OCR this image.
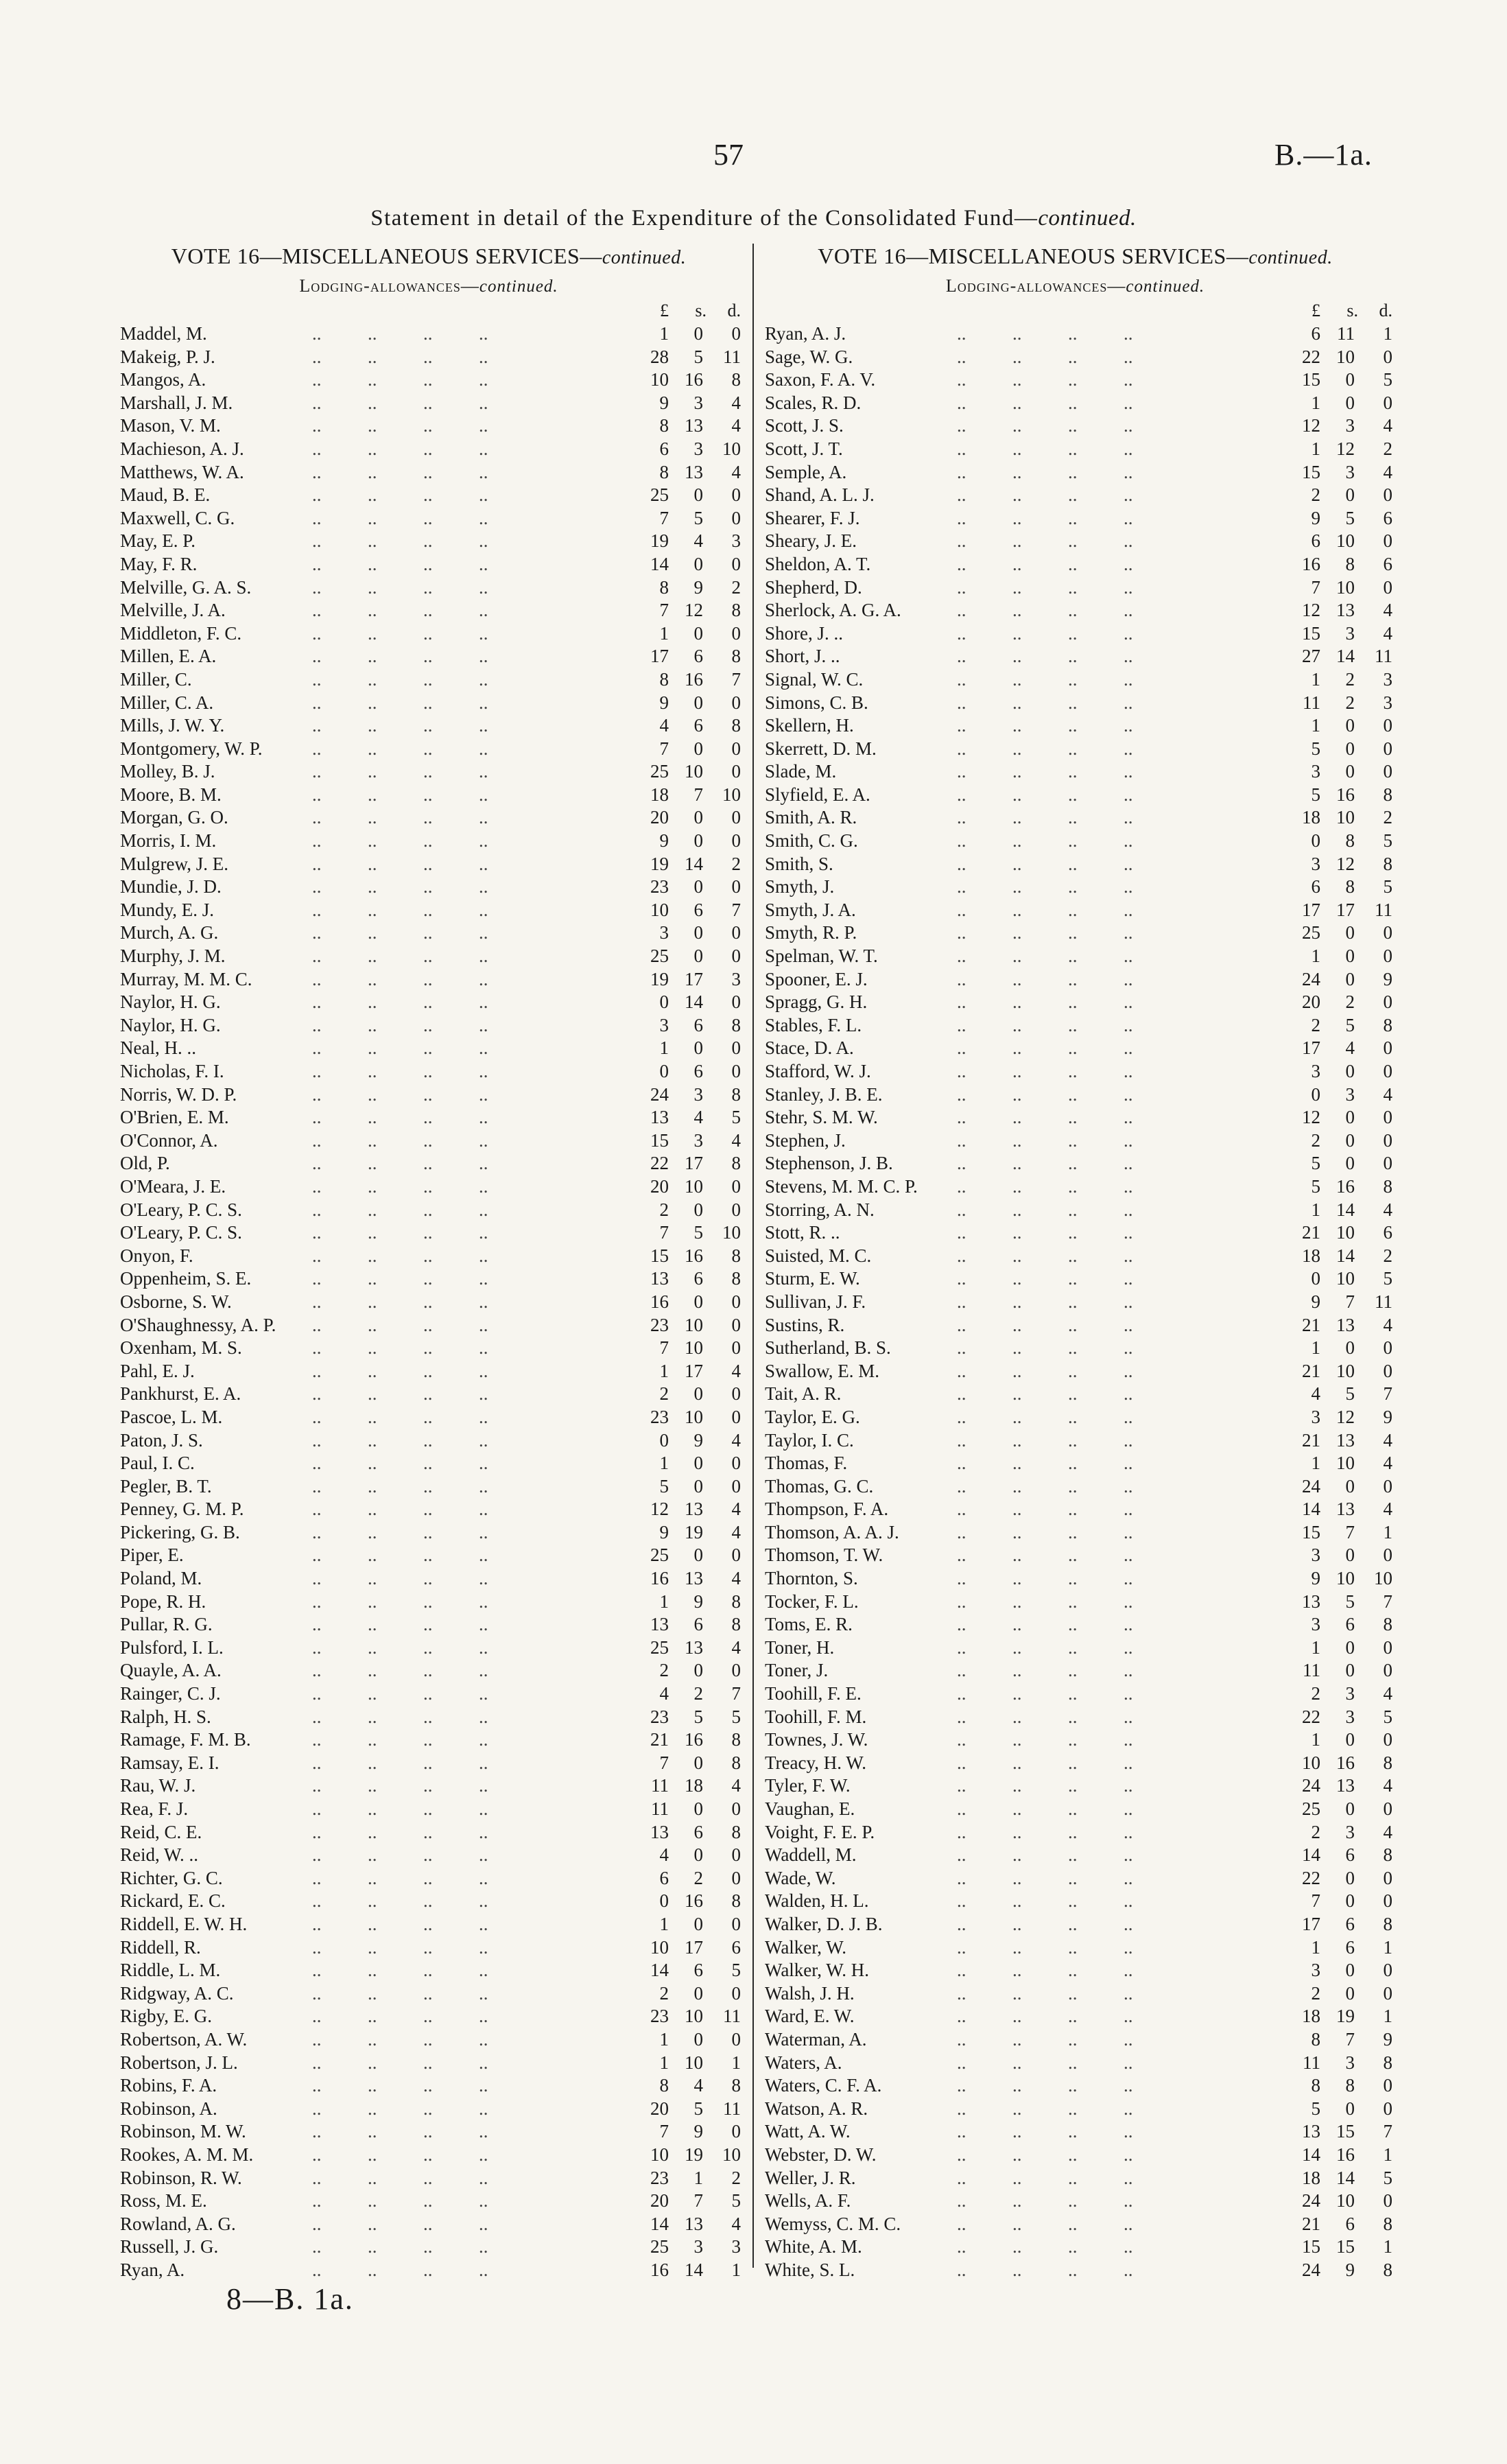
57	B.—1a.
Statement in detail of the Expenditure of the Consolidated Fund—continued.
VOTE 16—MISCELLANEOUS SERVICES—continued.
Lodging-allowances—continued.
£	s.	d.
Maddel, M.	..          ..          ..          ..	1	0	0
Makeig, P. J.	..          ..          ..          ..	28	5	11
Mangos, A.	..          ..          ..          ..	10 16	8
Marshall, J. M.	..          ..          ..          ..	9	3	4
Mason, V. M.	..          ..          ..          ..	8 13	4
Machieson, A. J.	..          ..          ..          ..	6	3	10
Matthews, W. A.	..          ..          ..          ..	8 13	4
Maud, B. E.	..          ..          ..          ..	25	0	0
Maxwell, C. G.	..          ..          ..          ..	7	5	0
May, E. P.	..          ..          ..          ..	19	4	3
May, F. R.	..          ..          ..          ..	14	0	0
Melville, G. A. S.	..          ..          ..          ..	8	9	2
Melville, J. A.	..          ..          ..          ..	7 12	8
Middleton, F. C.	..          ..          ..          ..	1	0	0
Millen, E. A.	..          ..          ..          ..	17	6	8
Miller, C.	..          ..          ..          ..	8 16	7
Miller, C. A.	..          ..          ..          ..	9	0	0
Mills, J. W. Y.	..          ..          ..          ..	4	6	8
Montgomery, W. P.	..          ..          ..          ..	7	0	0
Molley, B. J.	..          ..          ..          ..	25 10	0
Moore, B. M.	..          ..          ..          ..	18	7	10
Morgan, G. O.	..          ..          ..          ..	20	0	0
Morris, I. M.	..          ..          ..          ..	9	0	0
Mulgrew, J. E.	..          ..          ..          ..	19 14	2
Mundie, J. D.	..          ..          ..          ..	23	0	0
Mundy, E. J.	..          ..          ..          ..	10	6	7
Murch, A. G.	..          ..          ..          ..	3	0	0
Murphy, J. M.	..          ..          ..          ..	25	0	0
Murray, M. M. C.	..          ..          ..          ..	19 17	3
Naylor, H. G.	..          ..          ..          ..	0 14	0
Naylor, H. G.	..          ..          ..          ..	3	6	8
Neal, H. ..	..          ..          ..          ..	1	0	0
Nicholas, F. I.	..          ..          ..          ..	0	6	0
Norris, W. D. P.	..          ..          ..          ..	24	3	8
O'Brien, E. M.	..          ..          ..          ..	13	4	5
O'Connor, A.	..          ..          ..          ..	15	3	4
Old, P.	..          ..          ..          ..	22 17	8
O'Meara, J. E.	..          ..          ..          ..	20 10	0
O'Leary, P. C. S.	..          ..          ..          ..	2	0	0
O'Leary, P. C. S.	..          ..          ..          ..	7	5	10
Onyon, F.	..          ..          ..          ..	15 16	8
Oppenheim, S. E.	..          ..          ..          ..	13	6	8
Osborne, S. W.	..          ..          ..          ..	16	0	0
O'Shaughnessy, A. P. ..          ..          ..          ..	23 10	0
Oxenham, M. S.	..          ..          ..          ..	7 10	0
Pahl, E. J.	..          ..          ..          ..	1 17	4
Pankhurst, E. A.	..          ..          ..          ..	2	0	0
Pascoe, L. M.	..          ..          ..          ..	23 10	0
Paton, J. S.	..          ..          ..          ..	0	9	4
Paul, I. C.	..          ..          ..          ..	1	0	0
Pegler, B. T.	..          ..          ..          ..	5	0	0
Penney, G. M. P.	..          ..          ..          ..	12 13	4
Pickering, G. B.	..          ..          ..          ..	9 19	4
Piper, E.	..          ..          ..          ..	25	0	0
Poland, M.	..          ..          ..          ..	16 13	4
Pope, R. H.	..          ..          ..          ..	1	9	8
Pullar, R. G.	..          ..          ..          ..	13	6	8
Pulsford, I. L.	..          ..          ..          ..	25 13	4
Quayle, A. A.	..          ..          ..          ..	2	0	0
Rainger, C. J.	..          ..          ..          ..	4	2	7
Ralph, H. S.	..          ..          ..          ..	23	5	5
Ramage, F. M. B.	..          ..          ..          ..	21 16	8
Ramsay, E. I.	..          ..          ..          ..	7	0	8
Rau, W. J.	..          ..          ..          ..	11 18	4
Rea, F. J.	..          ..          ..          ..	11	0	0
Reid, C. E.	..          ..          ..          ..	13	6	8
Reid, W. ..	..          ..          ..          ..	4	0	0
Richter, G. C.	..          ..          ..          ..	6	2	0
Rickard, E. C.	..          ..          ..          ..	0 16	8
Riddell, E. W. H.	..          ..          ..          ..	1	0	0
Riddell, R.	..          ..          ..          ..	10 17	6
Riddle, L. M.	..          ..          ..          ..	14	6	5
Ridgway, A. C.	..          ..          ..          ..	2	0	0
Rigby, E. G.	..          ..          ..          ..	23 10	11
Robertson, A. W.	..          ..          ..          ..	1	0	0
Robertson, J. L.	..          ..          ..          ..	1 10	1
Robins, F. A.	..          ..          ..          ..	8	4	8
Robinson, A.	..          ..          ..          ..	20	5	11
Robinson, M. W.	..          ..          ..          ..	7	9	0
Rookes, A. M. M.	..          ..          ..          ..	10 19	10
Robinson, R. W.	..          ..          ..          ..	23	1	2
Ross, M. E.	..          ..          ..          ..	20	7	5
Rowland, A. G.	..          ..          ..          ..	14 13	4
Russell, J. G.	..          ..          ..          ..	25	3	3
Ryan, A.	..          ..          ..          ..	16 14	1
VOTE 16—MISCELLANEOUS SERVICES—continued.
Lodging-allowances—continued.
£	s.	d.
Ryan, A. J.	..          ..          ..          ..	6 11	1
Sage, W. G.	..          ..          ..          ..	22 10	0
Saxon, F. A. V.	..          ..          ..          ..	15	0	5
Scales, R. D.	..          ..          ..          ..	1	0	0
Scott, J. S.	..          ..          ..          ..	12	3	4
Scott, J. T.	..          ..          ..          ..	1 12	2
Semple, A.	..          ..          ..          ..	15	3	4
Shand, A. L. J.	..          ..          ..          ..	2	0	0
Shearer, F. J.	..          ..          ..          ..	9	5	6
Sheary, J. E.	..          ..          ..          ..	6 10	0
Sheldon, A. T.	..          ..          ..          ..	16	8	6
Shepherd, D.	..          ..          ..          ..	7 10	0
Sherlock, A. G. A.	..          ..          ..          ..	12 13	4
Shore, J. ..	..          ..          ..          ..	15	3	4
Short, J. ..	..          ..          ..          ..	27 14	11
Signal, W. C.	..          ..          ..          ..	1	2	3
Simons, C. B.	..          ..          ..          ..	11	2	3
Skellern, H.	..          ..          ..          ..	1	0	0
Skerrett, D. M.	..          ..          ..          ..	5	0	0
Slade, M.	..          ..          ..          ..	3	0	0
Slyfield, E. A.	..          ..          ..          ..	5 16	8
Smith, A. R.	..          ..          ..          ..	18 10	2
Smith, C. G.	..          ..          ..          ..	0	8	5
Smith, S.	..          ..          ..          ..	3 12	8
Smyth, J.	..          ..          ..          ..	6	8	5
Smyth, J. A.	..          ..          ..          ..	17 17	11
Smyth, R. P.	..          ..          ..          ..	25	0	0
Spelman, W. T.	..          ..          ..          ..	1	0	0
Spooner, E. J.	..          ..          ..          ..	24	0	9
Spragg, G. H.	..          ..          ..          ..	20	2	0
Stables, F. L.	..          ..          ..          ..	2	5	8
Stace, D. A.	..          ..          ..          ..	17	4	0
Stafford, W. J.	..          ..          ..          ..	3	0	0
Stanley, J. B. E.	..          ..          ..          ..	0	3	4
Stehr, S. M. W.	..          ..          ..          ..	12	0	0
Stephen, J.	..          ..          ..          ..	2	0	0
Stephenson, J. B.	..          ..          ..          ..	5	0	0
Stevens, M. M. C. P. ..          ..          ..          ..	5 16	8
Storring, A. N.	..          ..          ..          ..	1 14	4
Stott, R. ..	..          ..          ..          ..	21 10	6
Suisted, M. C.	..          ..          ..          ..	18 14	2
Sturm, E. W.	..          ..          ..          ..	0 10	5
Sullivan, J. F.	..          ..          ..          ..	9	7	11
Sustins, R.	..          ..          ..          ..	21 13	4
Sutherland, B. S.	..          ..          ..          ..	1	0	0
Swallow, E. M.	..          ..          ..          ..	21 10	0
Tait, A. R.	..          ..          ..          ..	4	5	7
Taylor, E. G.	..          ..          ..          ..	3 12	9
Taylor, I. C.	..          ..          ..          ..	21 13	4
Thomas, F.	..          ..          ..          ..	1 10	4
Thomas, G. C.	..          ..          ..          ..	24	0	0
Thompson, F. A.	..          ..          ..          ..	14 13	4
Thomson, A. A. J.	..          ..          ..          ..	15	7	1
Thomson, T. W.	..          ..          ..          ..	3	0	0
Thornton, S.	..          ..          ..          ..	9 10	10
Tocker, F. L.	..          ..          ..          ..	13	5	7
Toms, E. R.	..          ..          ..          ..	3	6	8
Toner, H.	..          ..          ..          ..	1	0	0
Toner, J.	..          ..          ..          ..	11	0	0
Toohill, F. E.	..          ..          ..          ..	2	3	4
Toohill, F. M.	..          ..          ..          ..	22	3	5
Townes, J. W.	..          ..          ..          ..	1	0	0
Treacy, H. W.	..          ..          ..          ..	10 16	8
Tyler, F. W.	..          ..          ..          ..	24 13	4
Vaughan, E.	..          ..          ..          ..	25	0	0
Voight, F. E. P.	..          ..          ..          ..	2	3	4
Waddell, M.	..          ..          ..          ..	14	6	8
Wade, W.	..          ..          ..          ..	22	0	0
Walden, H. L.	..          ..          ..          ..	7	0	0
Walker, D. J. B.	..          ..          ..          ..	17	6	8
Walker, W.	..          ..          ..          ..	1	6	1
Walker, W. H.	..          ..          ..          ..	3	0	0
Walsh, J. H.	..          ..          ..          ..	2	0	0
Ward, E. W.	..          ..          ..          ..	18 19	1
Waterman, A.	..          ..          ..          ..	8	7	9
Waters, A.	..          ..          ..          ..	11	3	8
Waters, C. F. A.	..          ..          ..          ..	8	8	0
Watson, A. R.	..          ..          ..          ..	5	0	0
Watt, A. W.	..          ..          ..          ..	13 15	7
Webster, D. W.	..          ..          ..          ..	14 16	1
Weller, J. R.	..          ..          ..          ..	18 14	5
Wells, A. F.	..          ..          ..          ..	24 10	0
Wemyss, C. M. C.	..          ..          ..          ..	21	6	8
White, A. M.	..          ..          ..          ..	15 15	1
White, S. L.	..          ..          ..          ..	24	9	8
8—B. 1a.
